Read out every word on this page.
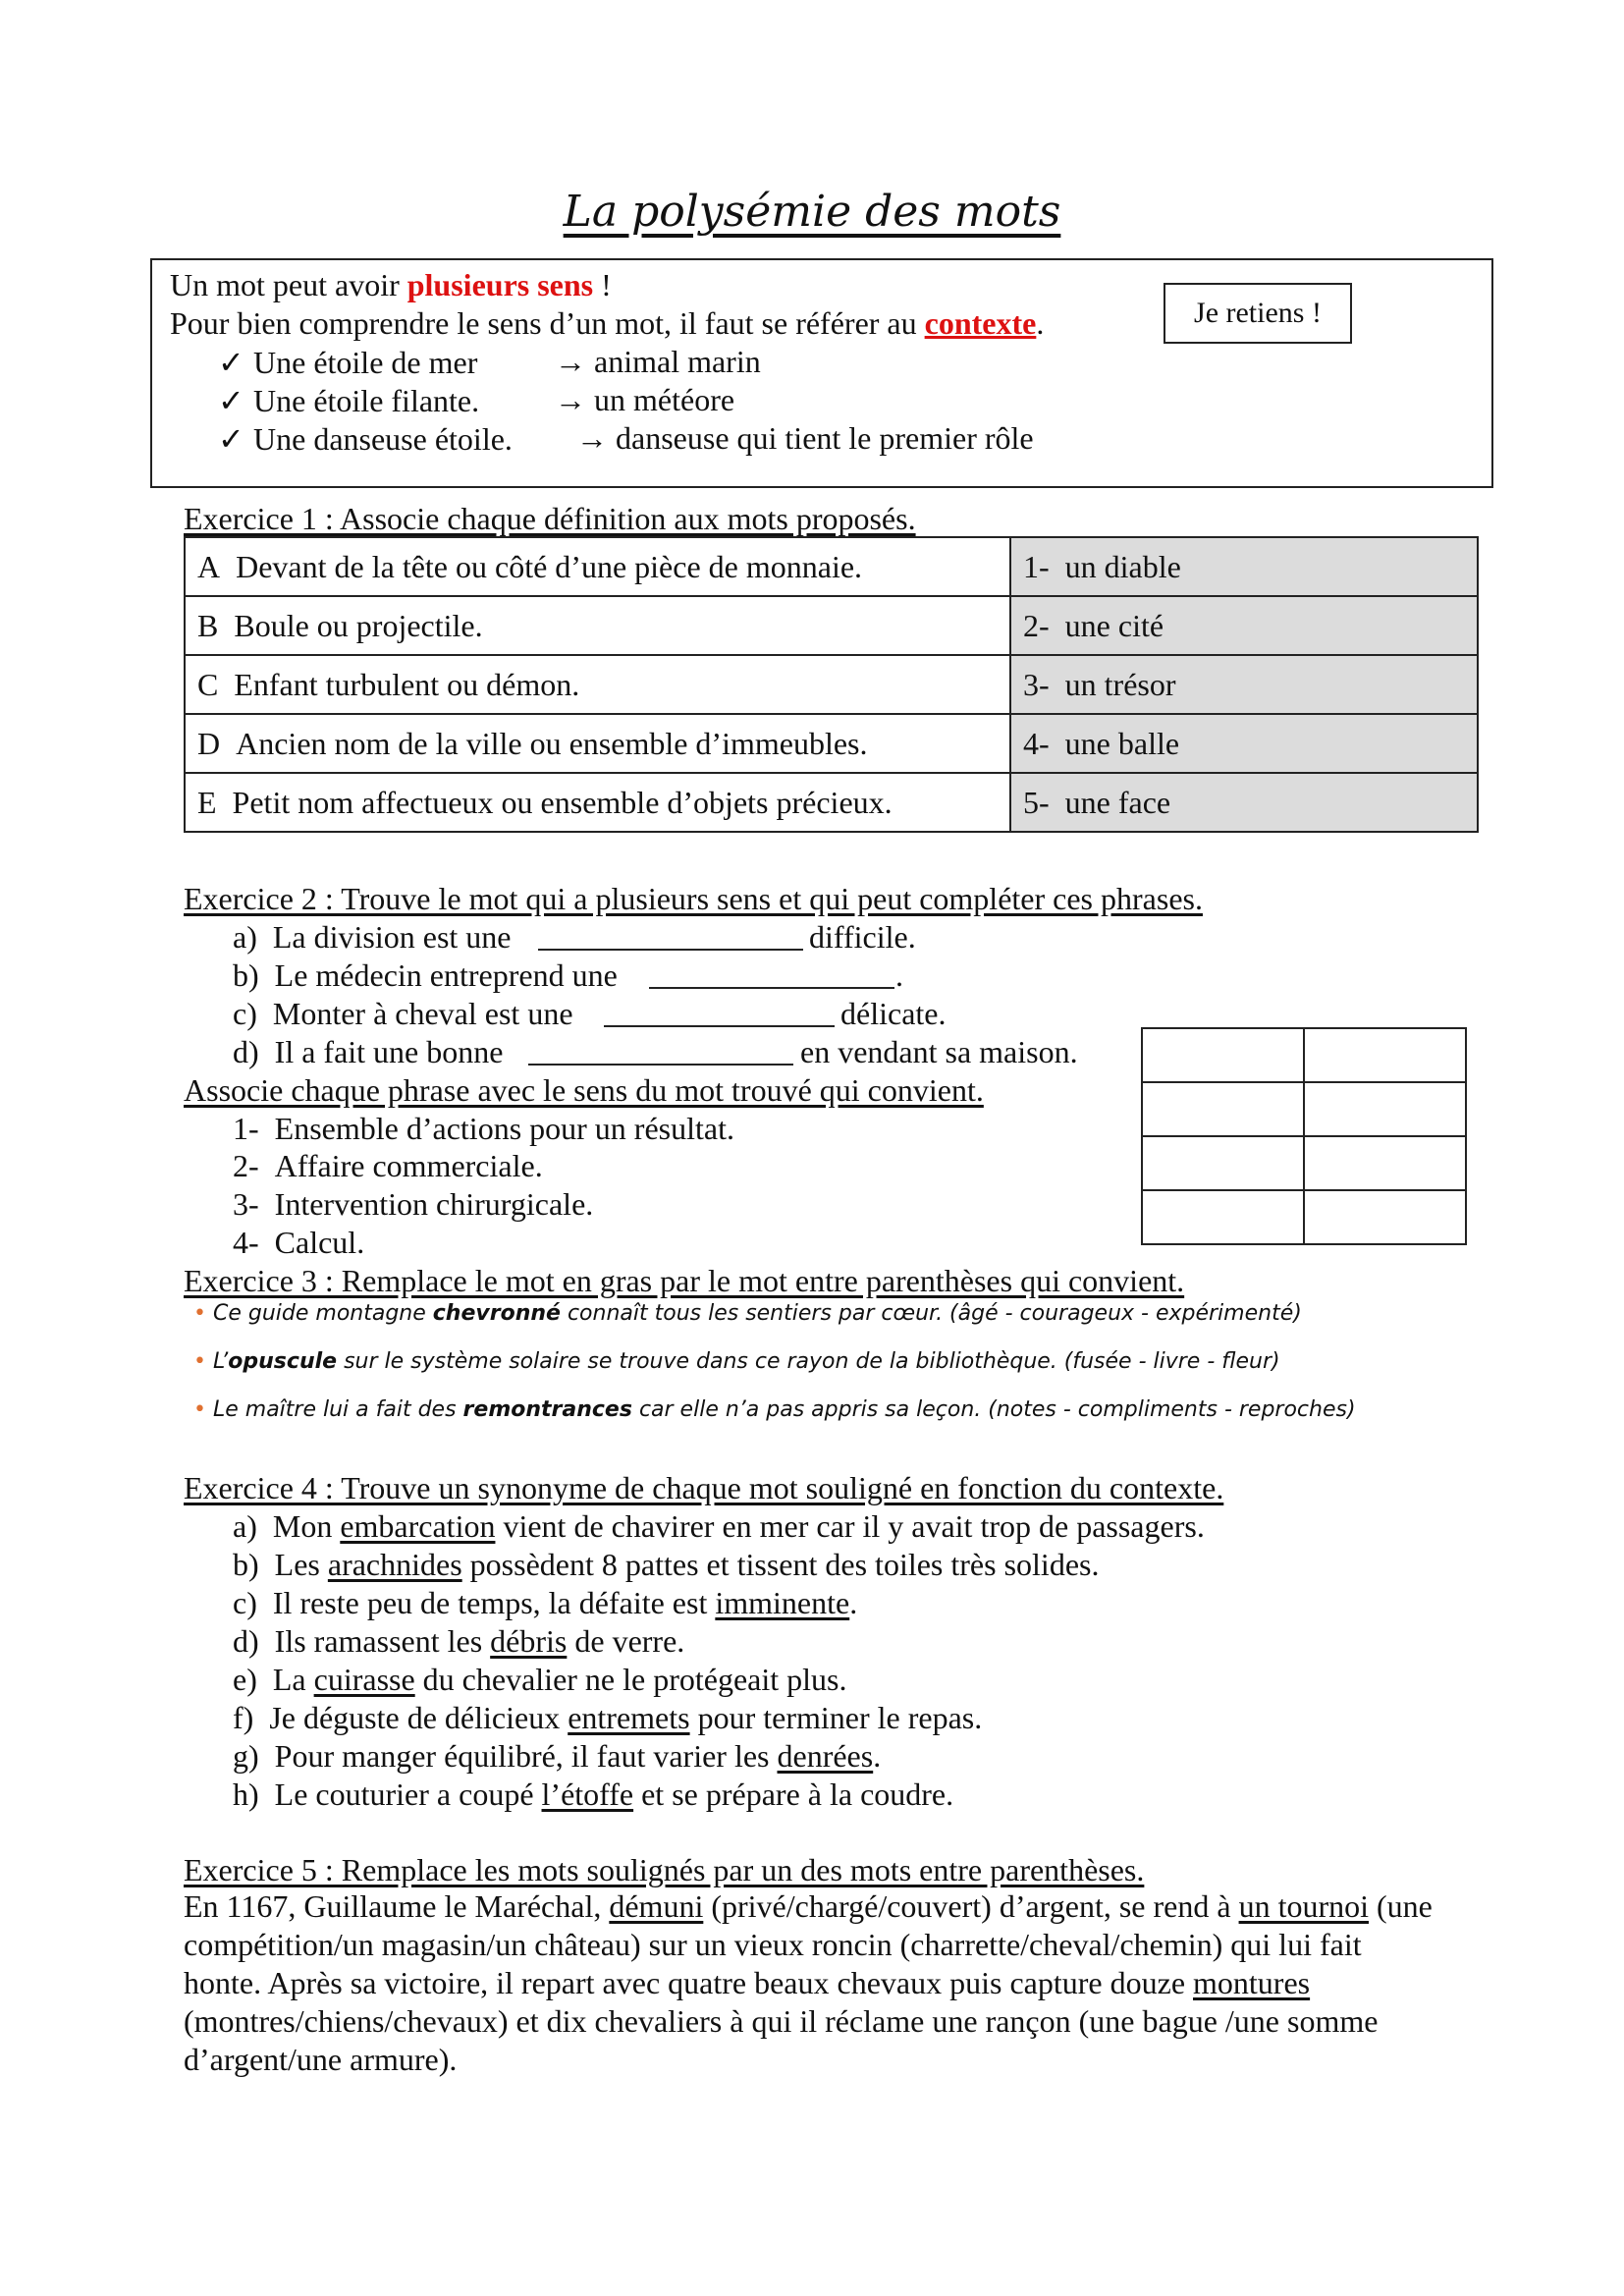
La polysémie des mots
Un mot peut avoir plusieurs sens !
Pour bien comprendre le sens d’un mot, il faut se référer au contexte.
✓ Une étoile de mer → animal marin
✓ Une étoile filante. → un météore
✓ Une danseuse étoile. → danseuse qui tient le premier rôle
Je retiens !
Exercice 1 : Associe chaque définition aux mots proposés.
A Devant de la tête ou côté d’une pièce de monnaie.	1- un diable
B Boule ou projectile.	2- une cité
C Enfant turbulent ou démon.	3- un trésor
D Ancien nom de la ville ou ensemble d’immeubles.	4- une balle
E Petit nom affectueux ou ensemble d’objets précieux.	5- une face
Exercice 2 : Trouve le mot qui a plusieurs sens et qui peut compléter ces phrases.
a) La division est une	difficile.
b) Le médecin entreprend une	.
c) Monter à cheval est une	délicate.
d) Il a fait une bonne	en vendant sa maison.
Associe chaque phrase avec le sens du mot trouvé qui convient.
1- Ensemble d’actions pour un résultat.
2- Affaire commerciale.
3- Intervention chirurgicale.
4- Calcul.

Exercice 3 : Remplace le mot en gras par le mot entre parenthèses qui convient.
• Ce guide montagne chevronné connaît tous les sentiers par cœur. (âgé - courageux - expérimenté)
• L’opuscule sur le système solaire se trouve dans ce rayon de la bibliothèque. (fusée - livre - fleur)
• Le maître lui a fait des remontrances car elle n’a pas appris sa leçon. (notes - compliments - reproches)
Exercice 4 : Trouve un synonyme de chaque mot souligné en fonction du contexte.
a) Mon embarcation vient de chavirer en mer car il y avait trop de passagers.
b) Les arachnides possèdent 8 pattes et tissent des toiles très solides.
c) Il reste peu de temps, la défaite est imminente.
d) Ils ramassent les débris de verre.
e) La cuirasse du chevalier ne le protégeait plus.
f) Je déguste de délicieux entremets pour terminer le repas.
g) Pour manger équilibré, il faut varier les denrées.
h) Le couturier a coupé l’étoffe et se prépare à la coudre.
Exercice 5 : Remplace les mots soulignés par un des mots entre parenthèses.
En 1167, Guillaume le Maréchal, démuni (privé/chargé/couvert) d’argent, se rend à un tournoi (une compétition/un magasin/un château) sur un vieux roncin (charrette/cheval/chemin) qui lui fait honte. Après sa victoire, il repart avec quatre beaux chevaux puis capture douze montures (montres/chiens/chevaux) et dix chevaliers à qui il réclame une rançon (une bague /une somme d’argent/une armure).
